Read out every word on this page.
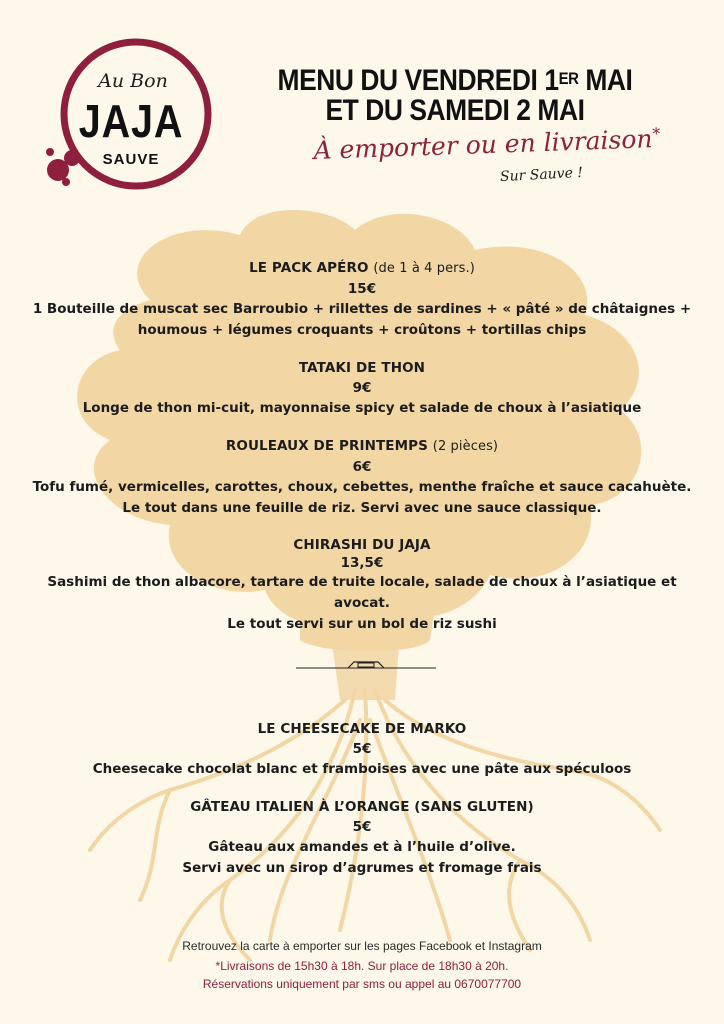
Au Bon
JAJA
SAUVE
MENU DU VENDREDI 1ER MAI
ET DU SAMEDI 2 MAI
À emporter ou en livraison*
Sur Sauve !
LE PACK APÉRO (de 1 à 4 pers.)
15€
1 Bouteille de muscat sec Barroubio + rillettes de sardines + « pâté » de châtaignes +
houmous + légumes croquants + croûtons + tortillas chips
TATAKI DE THON
9€
Longe de thon mi-cuit, mayonnaise spicy et salade de choux à l’asiatique
ROULEAUX DE PRINTEMPS (2 pièces)
6€
Tofu fumé, vermicelles, carottes, choux, cebettes, menthe fraîche et sauce cacahuète.
Le tout dans une feuille de riz. Servi avec une sauce classique.
CHIRASHI DU JAJA
13,5€
Sashimi de thon albacore, tartare de truite locale, salade de choux à l’asiatique et avocat.
Le tout servi sur un bol de riz sushi
LE CHEESECAKE DE MARKO
5€
Cheesecake chocolat blanc et framboises avec une pâte aux spéculoos
GÂTEAU ITALIEN À L’ORANGE (SANS GLUTEN)
5€
Gâteau aux amandes et à l’huile d’olive.
Servi avec un sirop d’agrumes et fromage frais
Retrouvez la carte à emporter sur les pages Facebook et Instagram
*Livraisons de 15h30 à 18h. Sur place de 18h30 à 20h.
Réservations uniquement par sms ou appel au 0670077700
